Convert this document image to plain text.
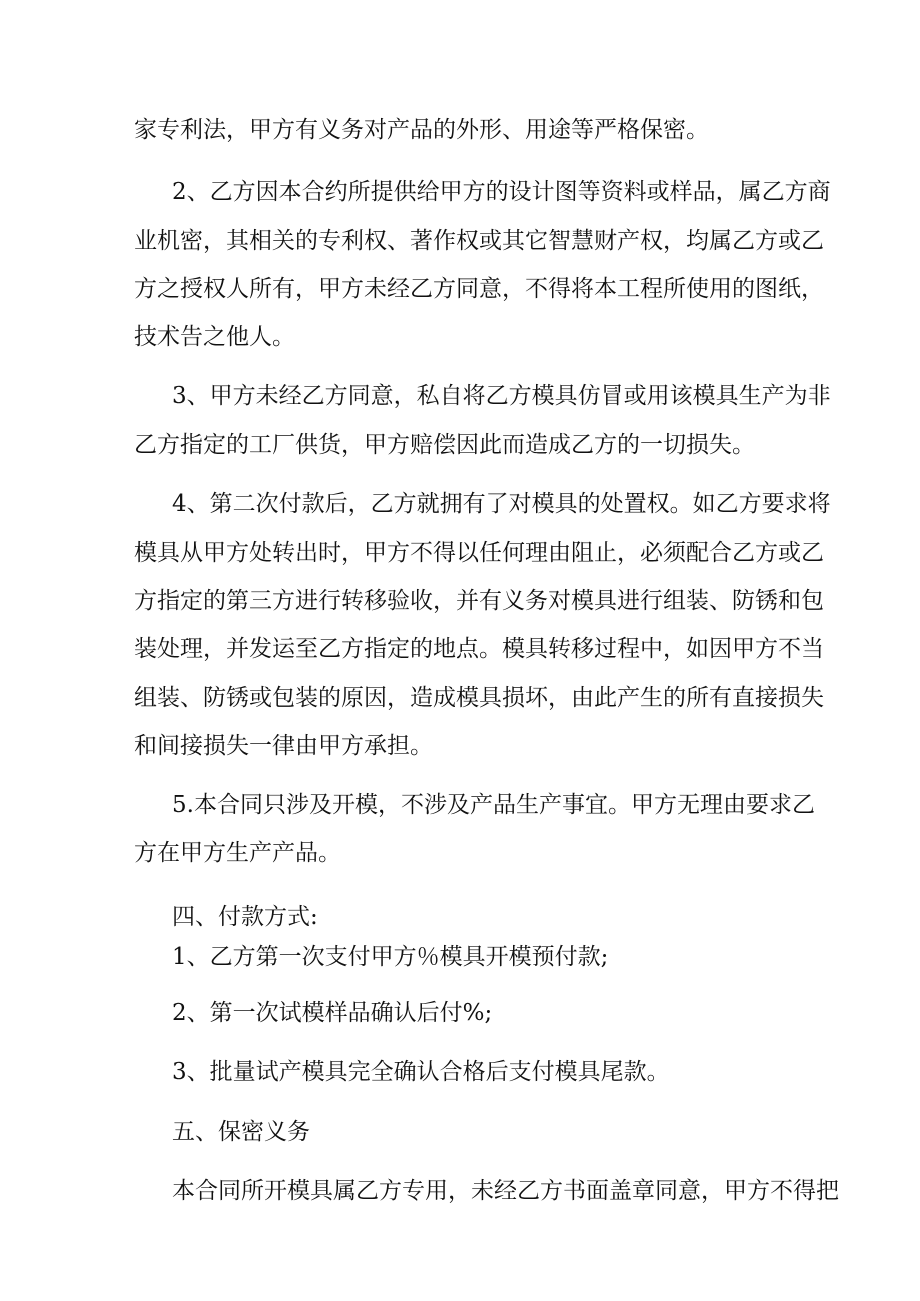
家专利法，甲方有义务对产品的外形、用途等严格保密。
2、乙方因本合约所提供给甲方的设计图等资料或样品，属乙方商
业机密，其相关的专利权、著作权或其它智慧财产权，均属乙方或乙
方之授权人所有，甲方未经乙方同意，不得将本工程所使用的图纸，
技术告之他人。
3、甲方未经乙方同意，私自将乙方模具仿冒或用该模具生产为非
乙方指定的工厂供货，甲方赔偿因此而造成乙方的一切损失。
4、第二次付款后，乙方就拥有了对模具的处置权。如乙方要求将
模具从甲方处转出时，甲方不得以任何理由阻止，必须配合乙方或乙
方指定的第三方进行转移验收，并有义务对模具进行组装、防锈和包
装处理，并发运至乙方指定的地点。模具转移过程中，如因甲方不当
组装、防锈或包装的原因，造成模具损坏，由此产生的所有直接损失
和间接损失一律由甲方承担。
5.本合同只涉及开模，不涉及产品生产事宜。甲方无理由要求乙
方在甲方生产产品。
四、付款方式:
1、乙方第一次支付甲方％模具开模预付款;
2、第一次试模样品确认后付%;
3、批量试产模具完全确认合格后支付模具尾款。
五、保密义务
本合同所开模具属乙方专用，未经乙方书面盖章同意，甲方不得把
